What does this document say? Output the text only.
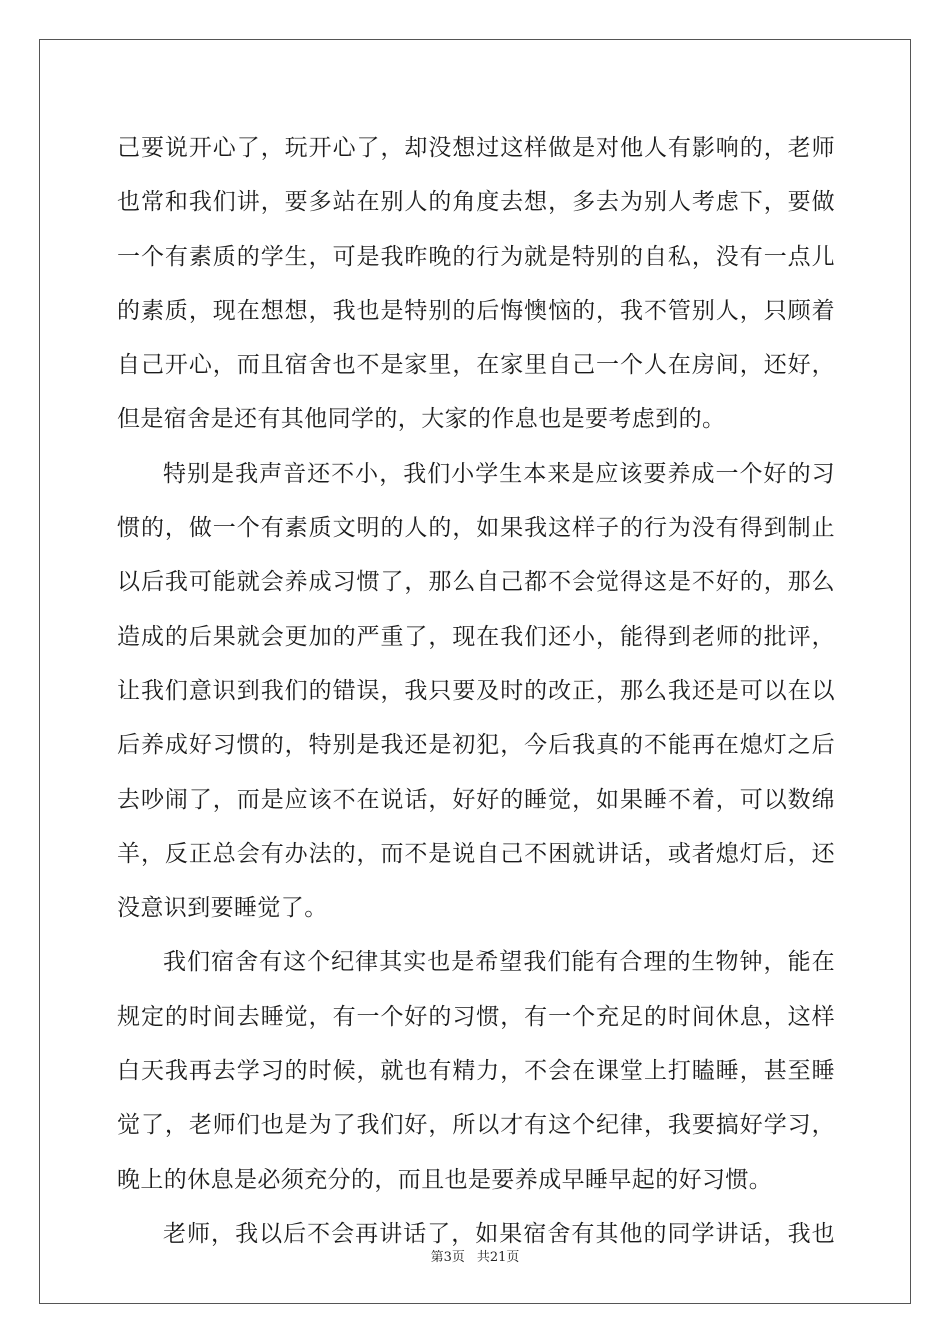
己要说开心了，玩开心了，却没想过这样做是对他人有影响的，老师
也常和我们讲，要多站在别人的角度去想，多去为别人考虑下，要做
一个有素质的学生，可是我昨晚的行为就是特别的自私，没有一点儿
的素质，现在想想，我也是特别的后悔懊恼的，我不管别人，只顾着
自己开心，而且宿舍也不是家里，在家里自己一个人在房间，还好，
但是宿舍是还有其他同学的，大家的作息也是要考虑到的。
特别是我声音还不小，我们小学生本来是应该要养成一个好的习
惯的，做一个有素质文明的人的，如果我这样子的行为没有得到制止
以后我可能就会养成习惯了，那么自己都不会觉得这是不好的，那么
造成的后果就会更加的严重了，现在我们还小，能得到老师的批评，
让我们意识到我们的错误，我只要及时的改正，那么我还是可以在以
后养成好习惯的，特别是我还是初犯，今后我真的不能再在熄灯之后
去吵闹了，而是应该不在说话，好好的睡觉，如果睡不着，可以数绵
羊，反正总会有办法的，而不是说自己不困就讲话，或者熄灯后，还
没意识到要睡觉了。
我们宿舍有这个纪律其实也是希望我们能有合理的生物钟，能在
规定的时间去睡觉，有一个好的习惯，有一个充足的时间休息，这样
白天我再去学习的时候，就也有精力，不会在课堂上打瞌睡，甚至睡
觉了，老师们也是为了我们好，所以才有这个纪律，我要搞好学习，
晚上的休息是必须充分的，而且也是要养成早睡早起的好习惯。
老师，我以后不会再讲话了，如果宿舍有其他的同学讲话，我也
第3页 共21页
